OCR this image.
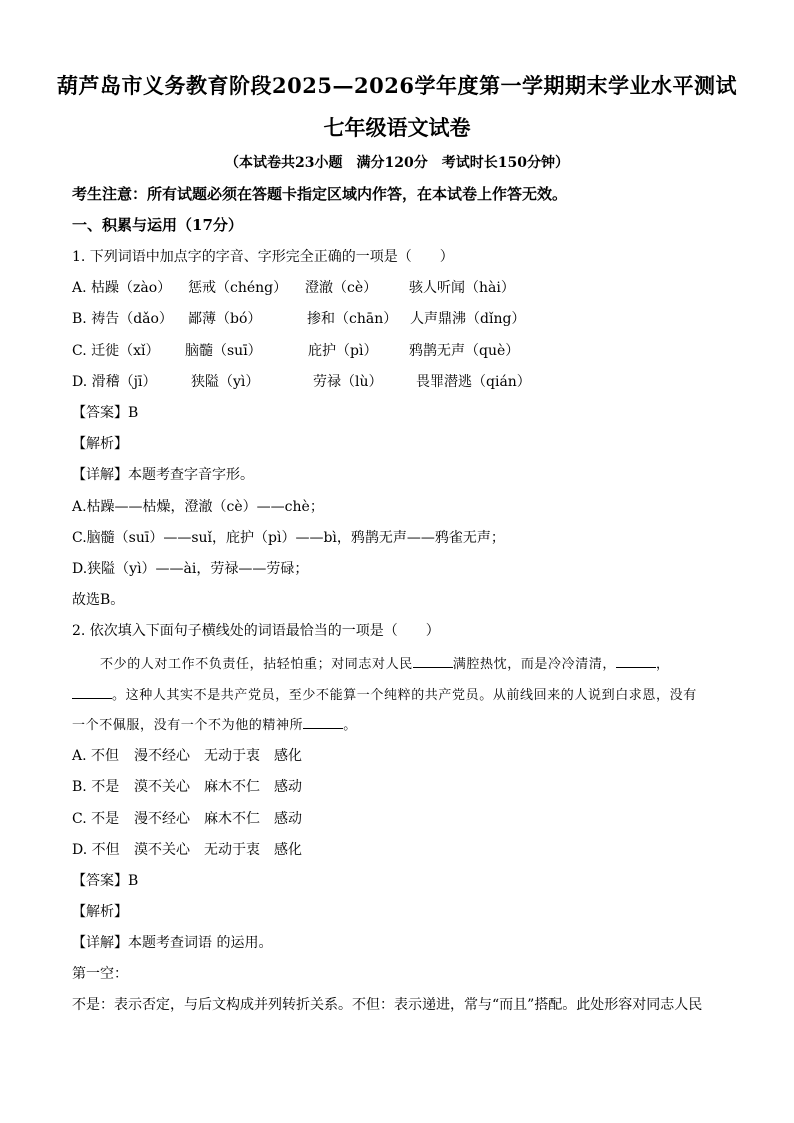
葫芦岛市义务教育阶段2025—2026学年度第一学期期末学业水平测试
七年级语文试卷
（本试卷共23小题　满分120分　考试时长150分钟）
考生注意：所有试题必须在答题卡指定区域内作答，在本试卷上作答无效。
一、积累与运用（17分）
1. 下列词语中加点字的字音、字形完全正确的一项是（　　）
A. 枯躁（zào） 惩戒（chéng） 澄澈（cè） 骇人听闻（hài）
B. 祷告（dǎo） 鄙薄（bó）	掺和（chān） 人声鼎沸（dǐng）
C. 迁徙（xǐ） 脑髓（suī）	庇护（pì） 鸦鹊无声（què）
D. 滑稽（jī） 狭隘（yì）	劳禄（lù） 畏罪潜逃（qián）
【答案】B
【解析】
【详解】本题考查字音字形。
A.枯躁——枯燥，澄澈（cè）——chè；
C.脑髓（suī）——suǐ，庇护（pì）——bì，鸦鹊无声——鸦雀无声；
D.狭隘（yì）——ài，劳禄——劳碌；
故选B。
2. 依次填入下面句子横线处的词语最恰当的一项是（　　）
不少的人对工作不负责任，拈轻怕重；对同志对人民	满腔热忱，而是冷冷清清，	，
。这种人其实不是共产党员，至少不能算一个纯粹的共产党员。从前线回来的人说到白求恩，没有
一个不佩服，没有一个不为他的精神所	。
A. 不但 漫不经心 无动于衷 感化
B. 不是 漠不关心 麻木不仁 感动
C. 不是 漫不经心 麻木不仁 感动
D. 不但 漠不关心 无动于衷 感化
【答案】B
【解析】
【详解】本题考查词语 的运用。
第一空：
不是：表示否定，与后文构成并列转折关系。不但：表示递进，常与“而且”搭配。此处形容对同志人民
